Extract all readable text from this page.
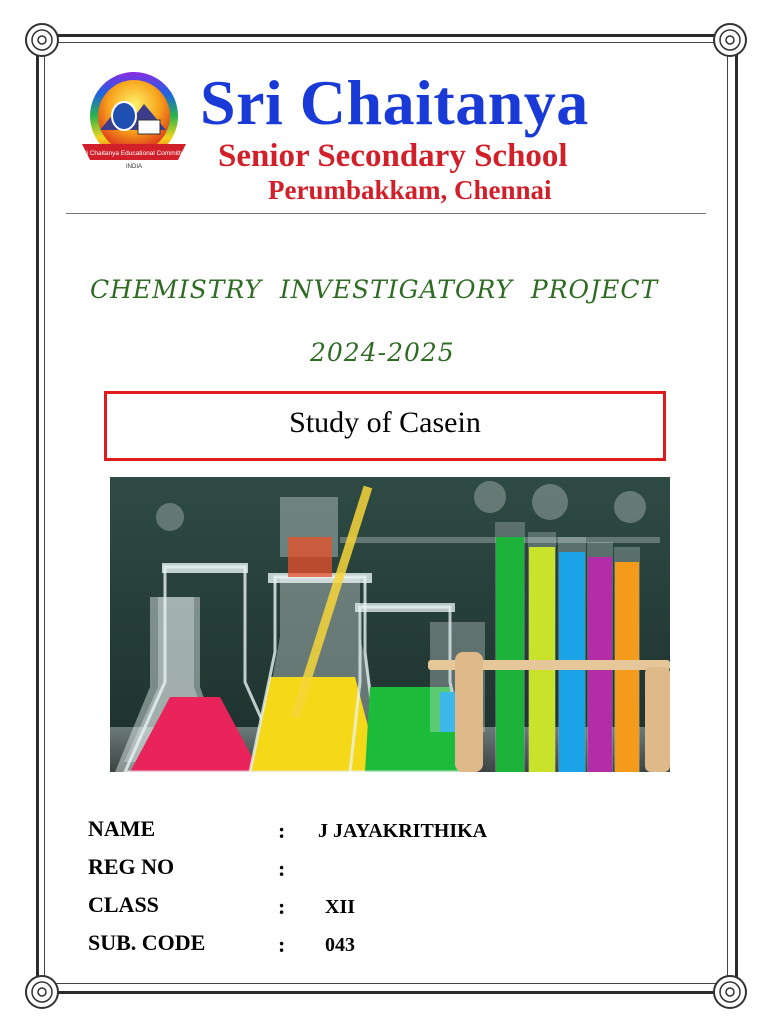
Sri Chaitanya Educational Committee
INDIA
Sri Chaitanya
Senior Secondary School
Perumbakkam, Chennai
CHEMISTRY  INVESTIGATORY  PROJECT
2024-2025
Study of Casein
NAME	: J JAYAKRITHIKA
REG NO	:
CLASS	: XII
SUB. CODE	: 043
